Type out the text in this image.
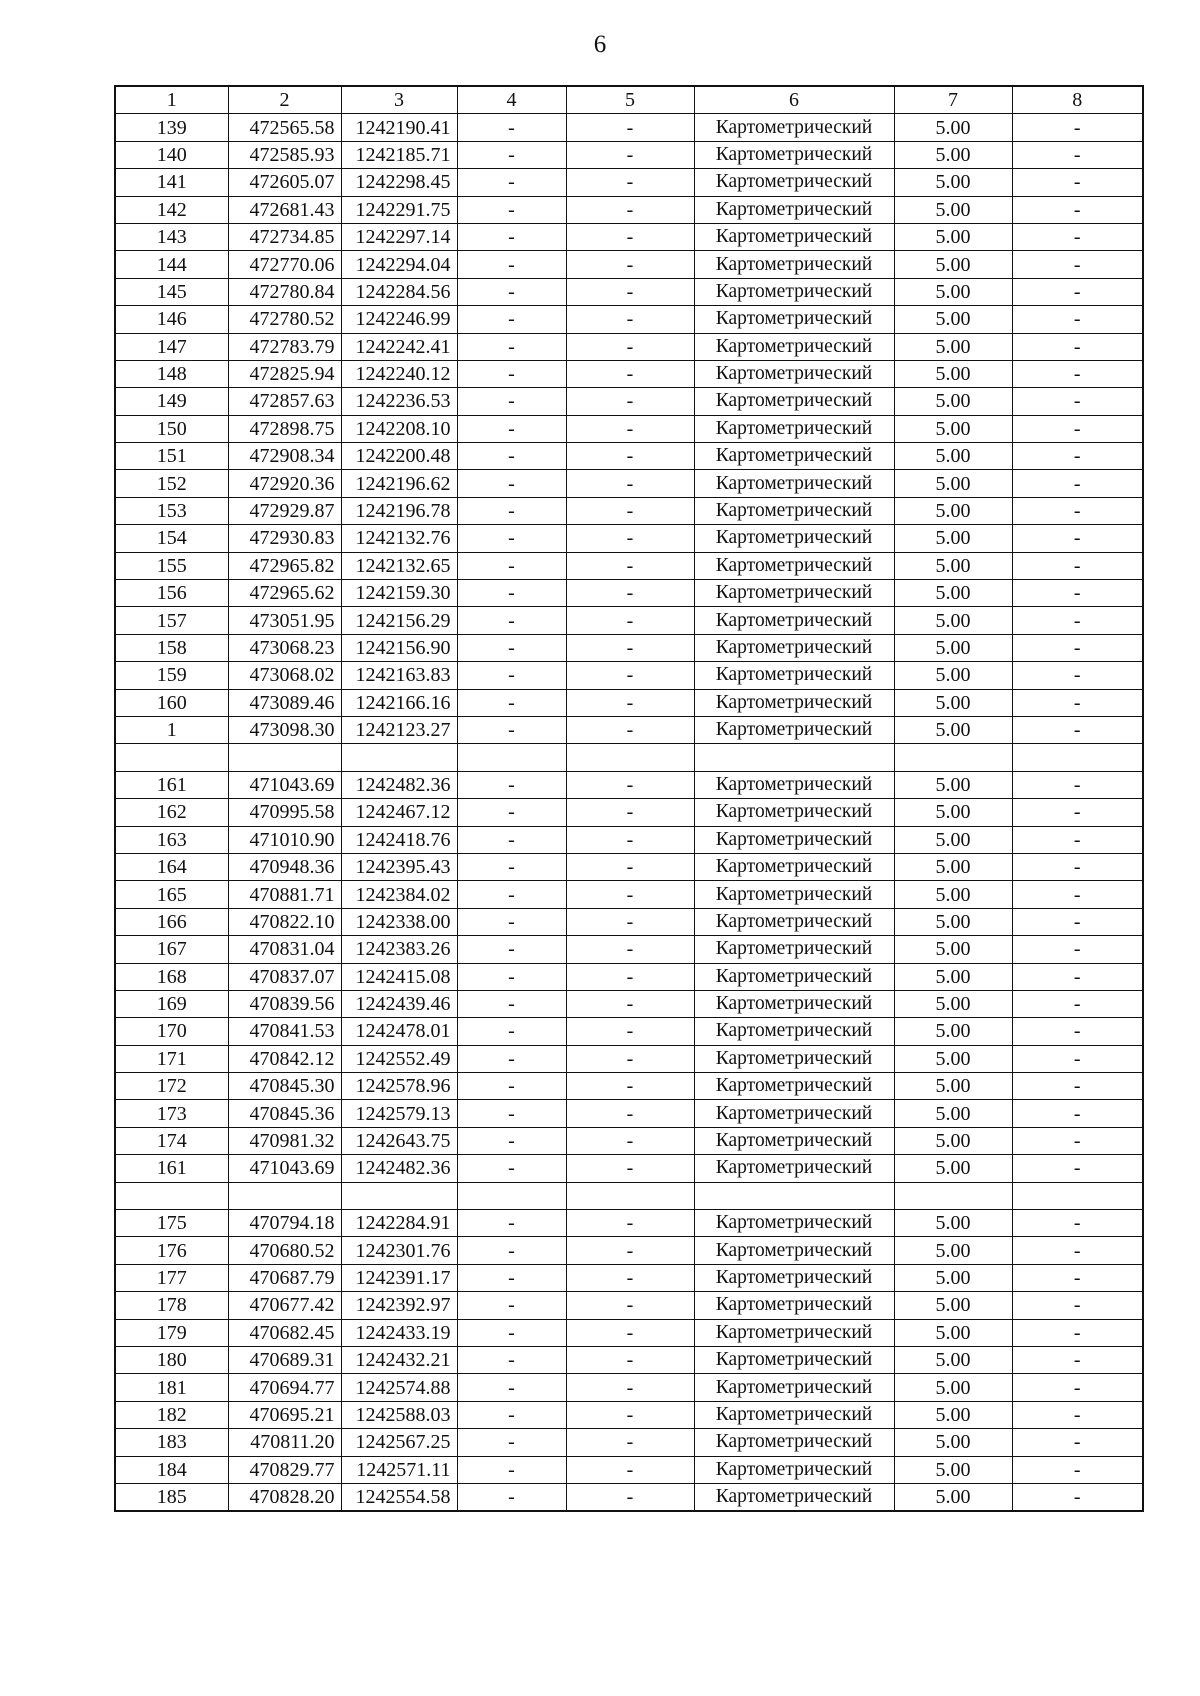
6
1	2	3	4	5	6	7	8
139	472565.58	1242190.41	-	-	Картометрический	5.00	-
140	472585.93	1242185.71	-	-	Картометрический	5.00	-
141	472605.07	1242298.45	-	-	Картометрический	5.00	-
142	472681.43	1242291.75	-	-	Картометрический	5.00	-
143	472734.85	1242297.14	-	-	Картометрический	5.00	-
144	472770.06	1242294.04	-	-	Картометрический	5.00	-
145	472780.84	1242284.56	-	-	Картометрический	5.00	-
146	472780.52	1242246.99	-	-	Картометрический	5.00	-
147	472783.79	1242242.41	-	-	Картометрический	5.00	-
148	472825.94	1242240.12	-	-	Картометрический	5.00	-
149	472857.63	1242236.53	-	-	Картометрический	5.00	-
150	472898.75	1242208.10	-	-	Картометрический	5.00	-
151	472908.34	1242200.48	-	-	Картометрический	5.00	-
152	472920.36	1242196.62	-	-	Картометрический	5.00	-
153	472929.87	1242196.78	-	-	Картометрический	5.00	-
154	472930.83	1242132.76	-	-	Картометрический	5.00	-
155	472965.82	1242132.65	-	-	Картометрический	5.00	-
156	472965.62	1242159.30	-	-	Картометрический	5.00	-
157	473051.95	1242156.29	-	-	Картометрический	5.00	-
158	473068.23	1242156.90	-	-	Картометрический	5.00	-
159	473068.02	1242163.83	-	-	Картометрический	5.00	-
160	473089.46	1242166.16	-	-	Картометрический	5.00	-
1	473098.30	1242123.27	-	-	Картометрический	5.00	-

161	471043.69	1242482.36	-	-	Картометрический	5.00	-
162	470995.58	1242467.12	-	-	Картометрический	5.00	-
163	471010.90	1242418.76	-	-	Картометрический	5.00	-
164	470948.36	1242395.43	-	-	Картометрический	5.00	-
165	470881.71	1242384.02	-	-	Картометрический	5.00	-
166	470822.10	1242338.00	-	-	Картометрический	5.00	-
167	470831.04	1242383.26	-	-	Картометрический	5.00	-
168	470837.07	1242415.08	-	-	Картометрический	5.00	-
169	470839.56	1242439.46	-	-	Картометрический	5.00	-
170	470841.53	1242478.01	-	-	Картометрический	5.00	-
171	470842.12	1242552.49	-	-	Картометрический	5.00	-
172	470845.30	1242578.96	-	-	Картометрический	5.00	-
173	470845.36	1242579.13	-	-	Картометрический	5.00	-
174	470981.32	1242643.75	-	-	Картометрический	5.00	-
161	471043.69	1242482.36	-	-	Картометрический	5.00	-

175	470794.18	1242284.91	-	-	Картометрический	5.00	-
176	470680.52	1242301.76	-	-	Картометрический	5.00	-
177	470687.79	1242391.17	-	-	Картометрический	5.00	-
178	470677.42	1242392.97	-	-	Картометрический	5.00	-
179	470682.45	1242433.19	-	-	Картометрический	5.00	-
180	470689.31	1242432.21	-	-	Картометрический	5.00	-
181	470694.77	1242574.88	-	-	Картометрический	5.00	-
182	470695.21	1242588.03	-	-	Картометрический	5.00	-
183	470811.20	1242567.25	-	-	Картометрический	5.00	-
184	470829.77	1242571.11	-	-	Картометрический	5.00	-
185	470828.20	1242554.58	-	-	Картометрический	5.00	-
